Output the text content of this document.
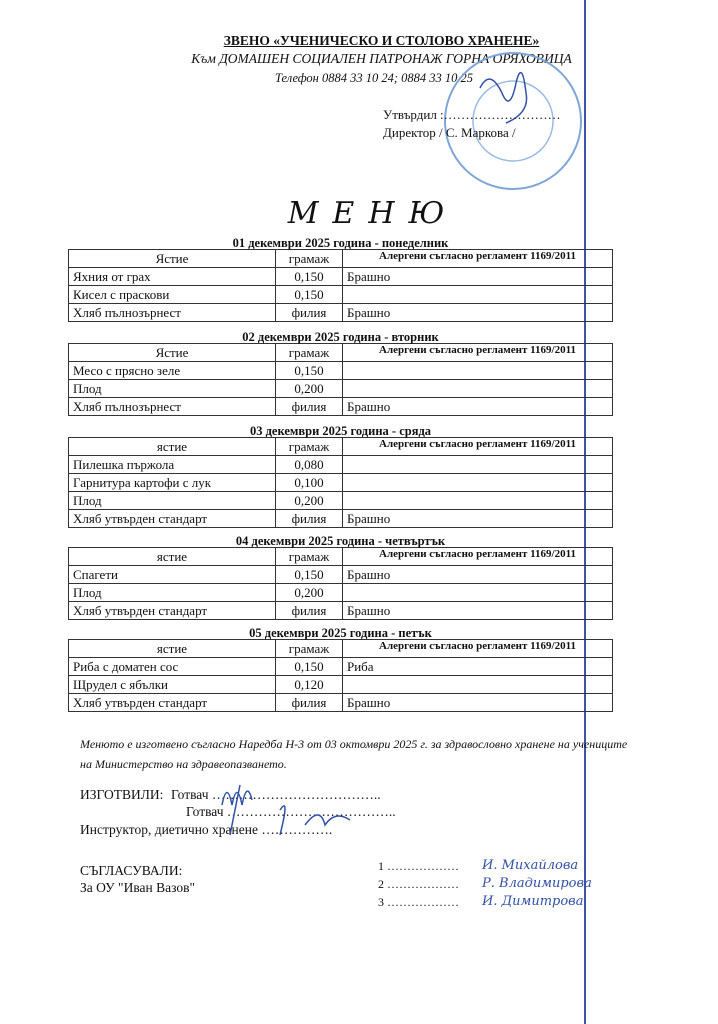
ЗВЕНО «УЧЕНИЧЕСКО И СТОЛОВО ХРАНЕНЕ»
Към ДОМАШЕН СОЦИАЛЕН ПАТРОНАЖ ГОРНА ОРЯХОВИЦА
Телефон 0884 33 10 24; 0884 33 10 25
Утвърдил :………………………
Директор / С. Маркова /
МЕНЮ
01 декември 2025 година - понеделник
Ястие	грамаж	Алергени съгласно регламент 1169/2011
Яхния от грах	0,150	Брашно
Кисел с праскови	0,150	
Хляб пълнозърнест	филия	Брашно
02 декември 2025 година - вторник
Ястие	грамаж	Алергени съгласно регламент 1169/2011
Месо с прясно зеле	0,150	
Плод	0,200	
Хляб пълнозърнест	филия	Брашно
03 декември 2025 година - сряда
ястие	грамаж	Алергени съгласно регламент 1169/2011
Пилешка пържола	0,080	
Гарнитура картофи с лук	0,100	
Плод	0,200	
Хляб утвърден стандарт	филия	Брашно
04 декември 2025 година - четвъртък
ястие	грамаж	Алергени съгласно регламент 1169/2011
Спагети	0,150	Брашно
Плод	0,200	
Хляб утвърден стандарт	филия	Брашно
05 декември 2025 година - петък
ястие	грамаж	Алергени съгласно регламент 1169/2011
Риба с доматен сос	0,150	Риба
Щрудел с ябълки	0,120	
Хляб утвърден стандарт	филия	Брашно
Менюто е изготвено съгласно Наредба Н-3 от 03 октомври 2025 г. за здравословно хранене на учениците на Министерство на здравеопазването.
ИЗГОТВИЛИ: Готвач ………………………………..
Готвач ………………………………..
Инструктор, диетично хранене …………….
СЪГЛАСУВАЛИ:
За ОУ "Иван Вазов"
1 ………………
2 ………………
3 ………………
И. Михайлова
Р. Владимирова
И. Димитрова
